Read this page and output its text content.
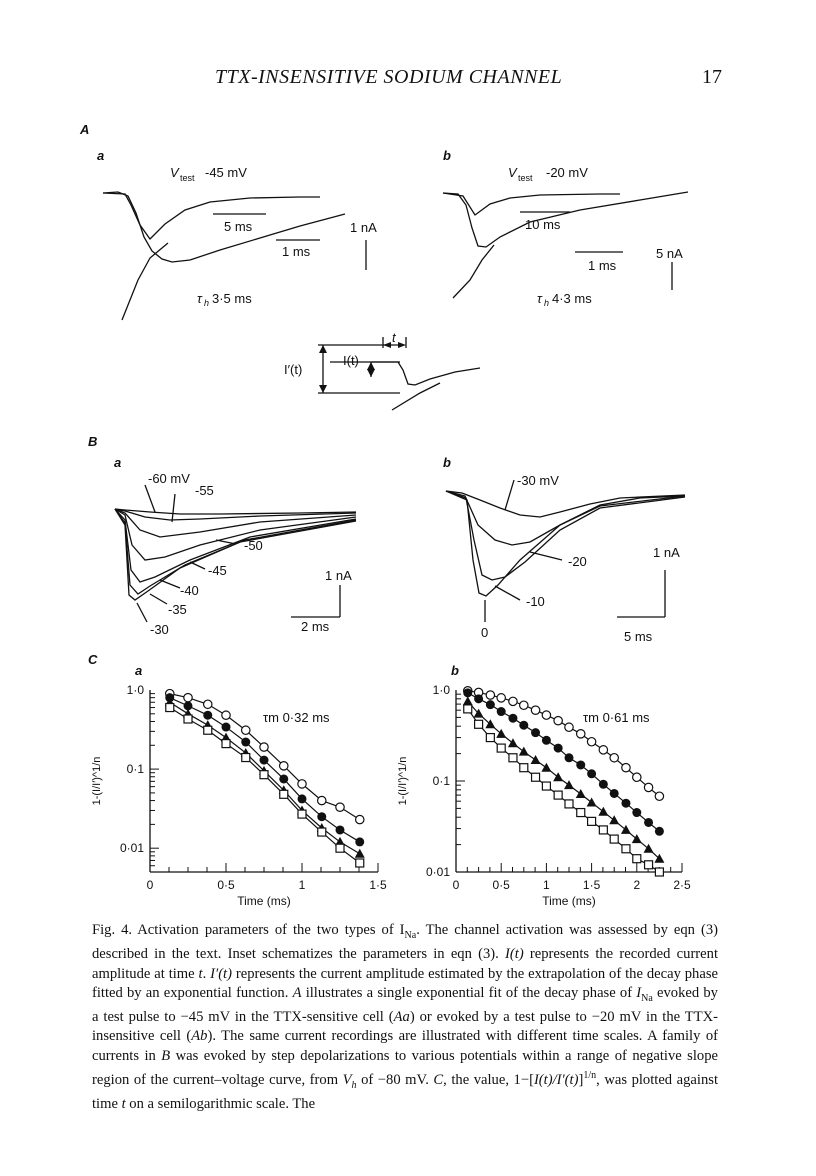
TTX-INSENSITIVE SODIUM CHANNEL	17
A
a	b
B
a	b
C
V test -45 mV
5 ms
1 ms
1 nA
τ h 3·5 ms
V test -20 mV
10 ms
1 ms
5 nA
τ h 4·3 ms
I′(t)
I(t)
t
-60 mV
-55
-50
-45
-40
-35
-30
1 nA
2 ms
-30 mV
-20
-10
0
1 nA
5 ms
0	0·5	1	1·5
1·0
0·1
0·01
Time (ms)
1-(I/I′)^1/n
τm 0·32 ms
0	0·5	1	1·5	2	2·5
1·0
0·1
0·01
Time (ms)
1-(I/I′)^1/n
τm 0·61 ms
a	b

Fig. 4. Activation parameters of the two types of $I_{Na}$. The channel activation was assessed by eqn (3) described in the text. Inset schematizes the parameters in eqn (3). I(t) represents the recorded current amplitude at time t. I′(t) represents the current amplitude estimated by the extrapolation of the decay phase fitted by an exponential function. A illustrates a single exponential fit of the decay phase of $I_{Na}$ evoked by a test pulse to −45 mV in the TTX-sensitive cell (Aa) or evoked by a test pulse to −20 mV in the TTX-insensitive cell (Ab). The same current recordings are illustrated with different time scales. A family of currents in B was evoked by step depolarizations to various potentials within a range of negative slope region of the current–voltage curve, from $V_h$ of −80 mV. C, the value, $1-[I(t)/I'(t)]^{1/n}$, was plotted against time t on a semilogarithmic scale. The
